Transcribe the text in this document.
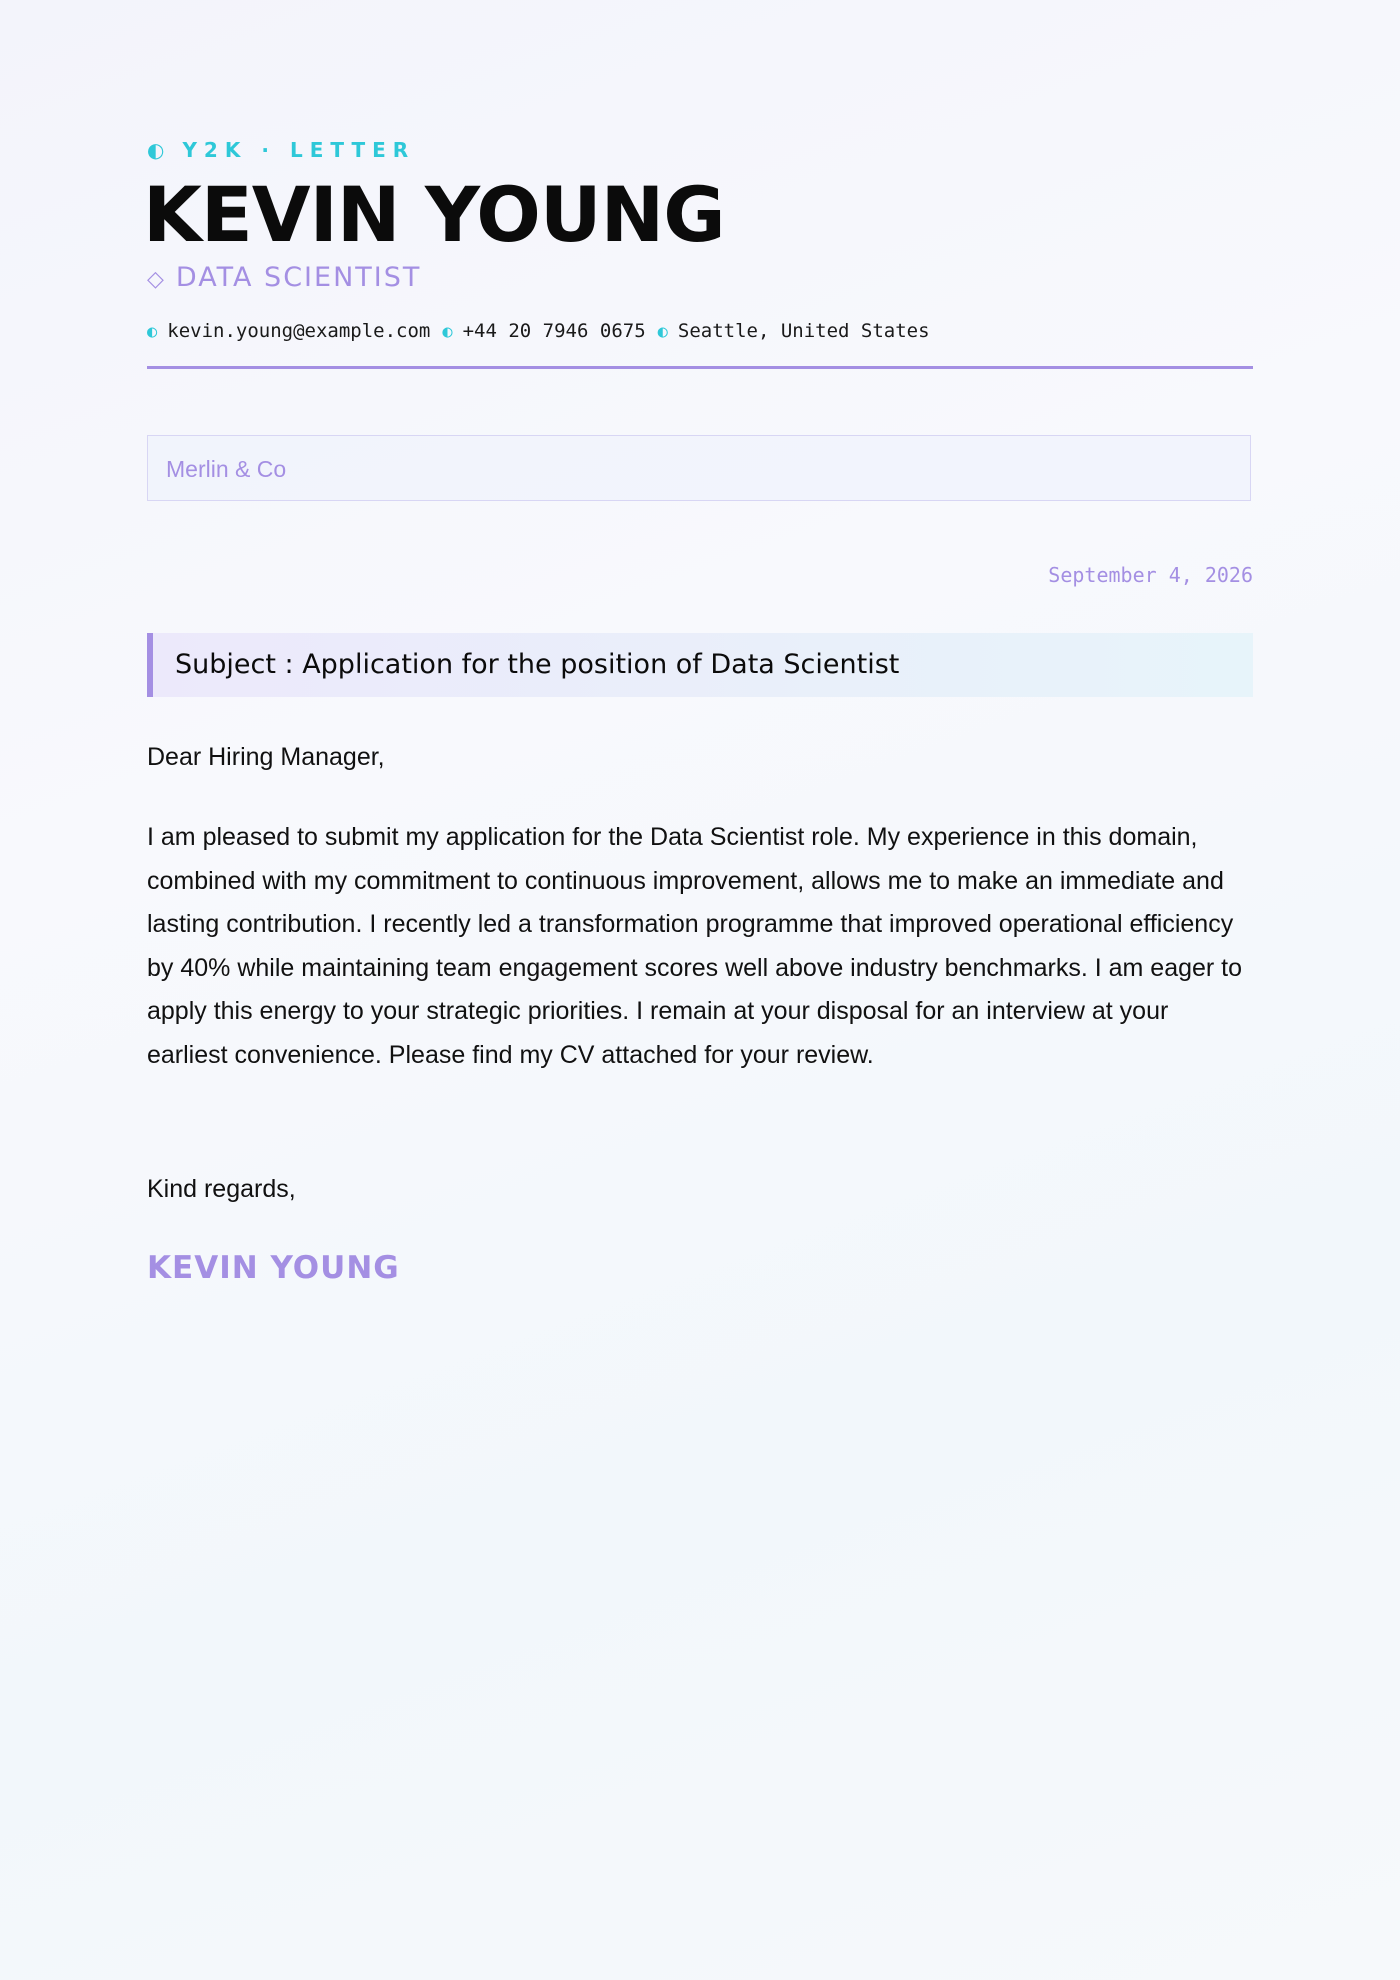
◐ Y2K · LETTER
KEVIN YOUNG
◇ DATA SCIENTIST
◐ kevin.young@example.com ◐ +44 20 7946 0675 ◐ Seattle, United States
Merlin & Co
September 4, 2026
Subject : Application for the position of Data Scientist
Dear Hiring Manager,
I am pleased to submit my application for the Data Scientist role. My experience in this domain, combined with my commitment to continuous improvement, allows me to make an immediate and lasting contribution. I recently led a transformation programme that improved operational efficiency by 40% while maintaining team engagement scores well above industry benchmarks. I am eager to apply this energy to your strategic priorities. I remain at your disposal for an interview at your earliest convenience. Please find my CV attached for your review.
Kind regards,
KEVIN YOUNG
